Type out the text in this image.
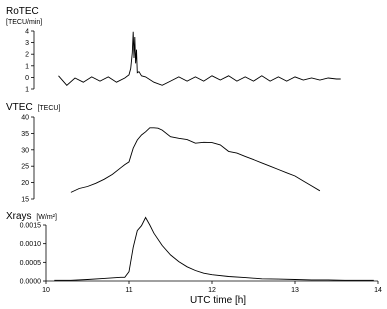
RoTEC
[TECU/min]
4
3
2
1
0
1
VTEC [TECU]
40
35
30
25
20
15
Xrays [W/m²]
0.0015
0.0010
0.0005
0.0000
10	11	12	13	14
UTC time [h]
